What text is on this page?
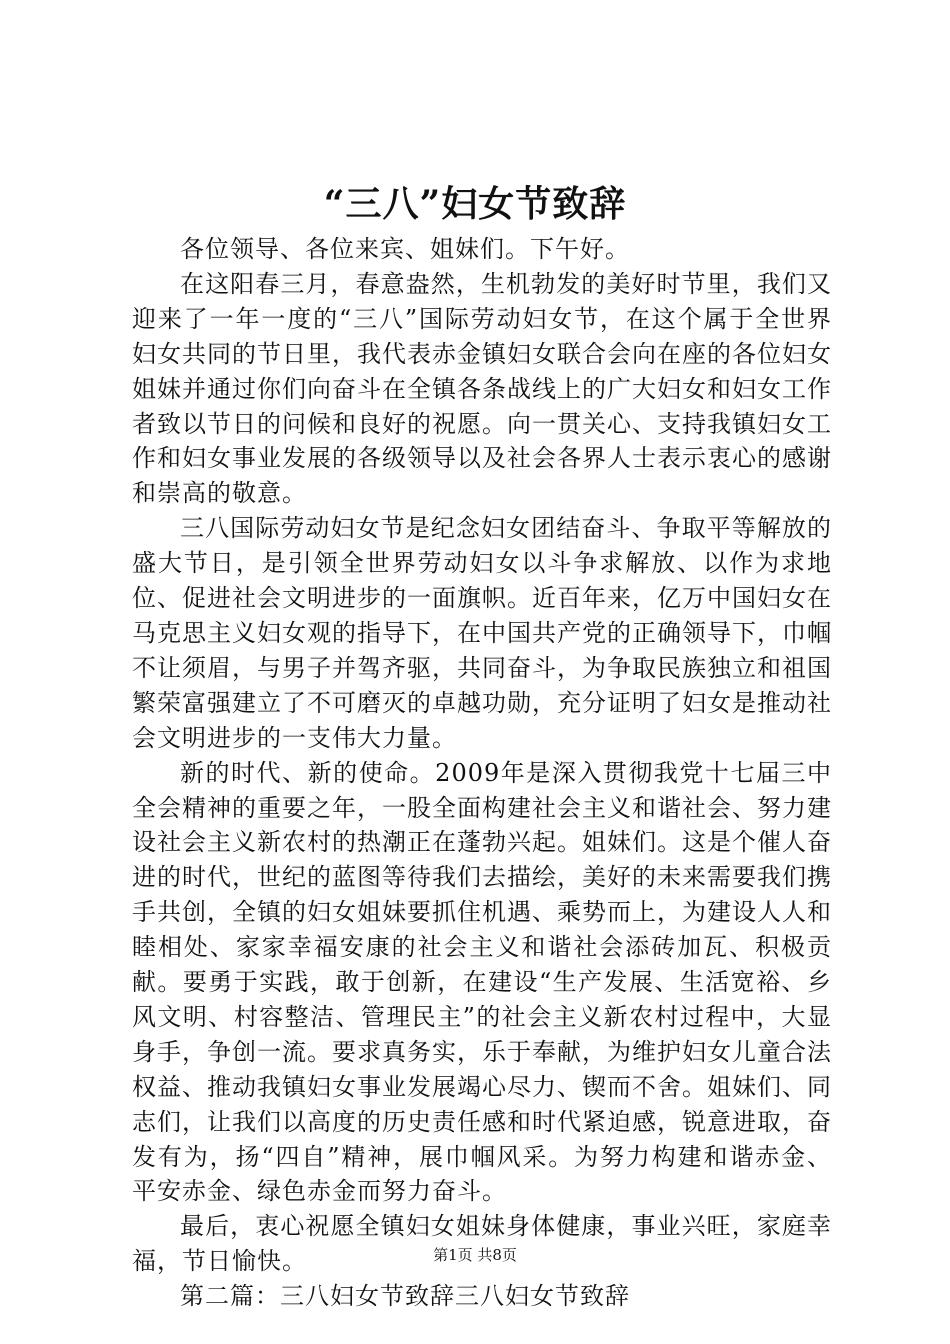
“三八”妇女节致辞

各位领导、各位来宾、姐妹们。下午好。

在这阳春三月，春意盎然，生机勃发的美好时节里，我们又迎来了一年一度的“三八”国际劳动妇女节，在这个属于全世界妇女共同的节日里，我代表赤金镇妇女联合会向在座的各位妇女姐妹并通过你们向奋斗在全镇各条战线上的广大妇女和妇女工作者致以节日的问候和良好的祝愿。向一贯关心、支持我镇妇女工作和妇女事业发展的各级领导以及社会各界人士表示衷心的感谢和崇高的敬意。

三八国际劳动妇女节是纪念妇女团结奋斗、争取平等解放的盛大节日，是引领全世界劳动妇女以斗争求解放、以作为求地位、促进社会文明进步的一面旗帜。近百年来，亿万中国妇女在马克思主义妇女观的指导下，在中国共产党的正确领导下，巾帼不让须眉，与男子并驾齐驱，共同奋斗，为争取民族独立和祖国繁荣富强建立了不可磨灭的卓越功勋，充分证明了妇女是推动社会文明进步的一支伟大力量。

新的时代、新的使命。2009年是深入贯彻我党十七届三中全会精神的重要之年，一股全面构建社会主义和谐社会、努力建设社会主义新农村的热潮正在蓬勃兴起。姐妹们。这是个催人奋进的时代，世纪的蓝图等待我们去描绘，美好的未来需要我们携手共创，全镇的妇女姐妹要抓住机遇、乘势而上，为建设人人和睦相处、家家幸福安康的社会主义和谐社会添砖加瓦、积极贡献。要勇于实践，敢于创新，在建设“生产发展、生活宽裕、乡风文明、村容整洁、管理民主”的社会主义新农村过程中，大显身手，争创一流。要求真务实，乐于奉献，为维护妇女儿童合法权益、推动我镇妇女事业发展竭心尽力、锲而不舍。姐妹们、同志们，让我们以高度的历史责任感和时代紧迫感，锐意进取，奋发有为，扬“四自”精神，展巾帼风采。为努力构建和谐赤金、平安赤金、绿色赤金而努力奋斗。

最后，衷心祝愿全镇妇女姐妹身体健康，事业兴旺，家庭幸福，节日愉快。

第二篇：三八妇女节致辞三八妇女节致辞

第1页 共8页
